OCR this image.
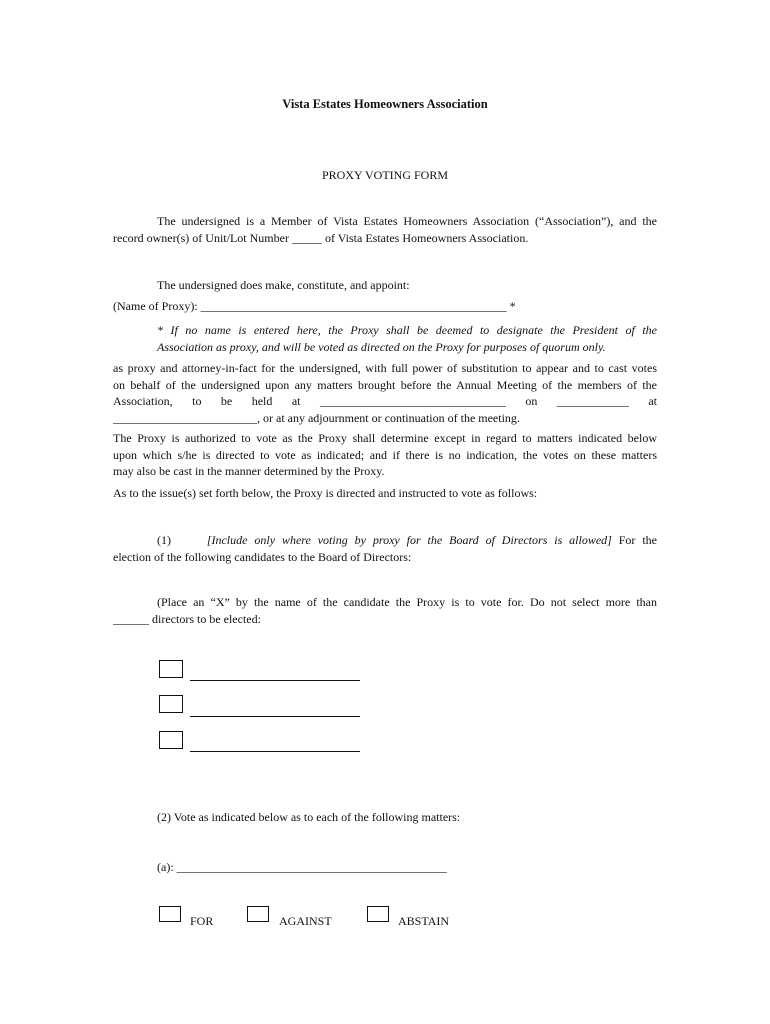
Vista Estates Homeowners Association
PROXY VOTING FORM
The undersigned is a Member of Vista Estates Homeowners Association (“Association”), and the
record owner(s) of Unit/Lot Number _____ of Vista Estates Homeowners Association.
The undersigned does make, constitute, and appoint:
(Name of Proxy): ___________________________________________________ *
* If no name is entered here, the Proxy shall be deemed to designate the President of the
Association as proxy, and will be voted as directed on the Proxy for purposes of quorum only.
as proxy and attorney-in-fact for the undersigned, with full power of substitution to appear and to cast votes
on behalf of the undersigned upon any matters brought before the Annual Meeting of the members of the
Association, to be held at _______________________________ on ____________ at
________________________, or at any adjournment or continuation of the meeting.
The Proxy is authorized to vote as the Proxy shall determine except in regard to matters indicated below
upon which s/he is directed to vote as indicated; and if there is no indication, the votes on these matters
may also be cast in the manner determined by the Proxy.
As to the issue(s) set forth below, the Proxy is directed and instructed to vote as follows:
(1)	[Include only where voting by proxy for the Board of Directors is allowed] For the
election of the following candidates to the Board of Directors:
(Place an “X” by the name of the candidate the Proxy is to vote for. Do not select more than
______ directors to be elected:
(2) Vote as indicated below as to each of the following matters:
(a): _____________________________________________
FOR	AGAINST	ABSTAIN
